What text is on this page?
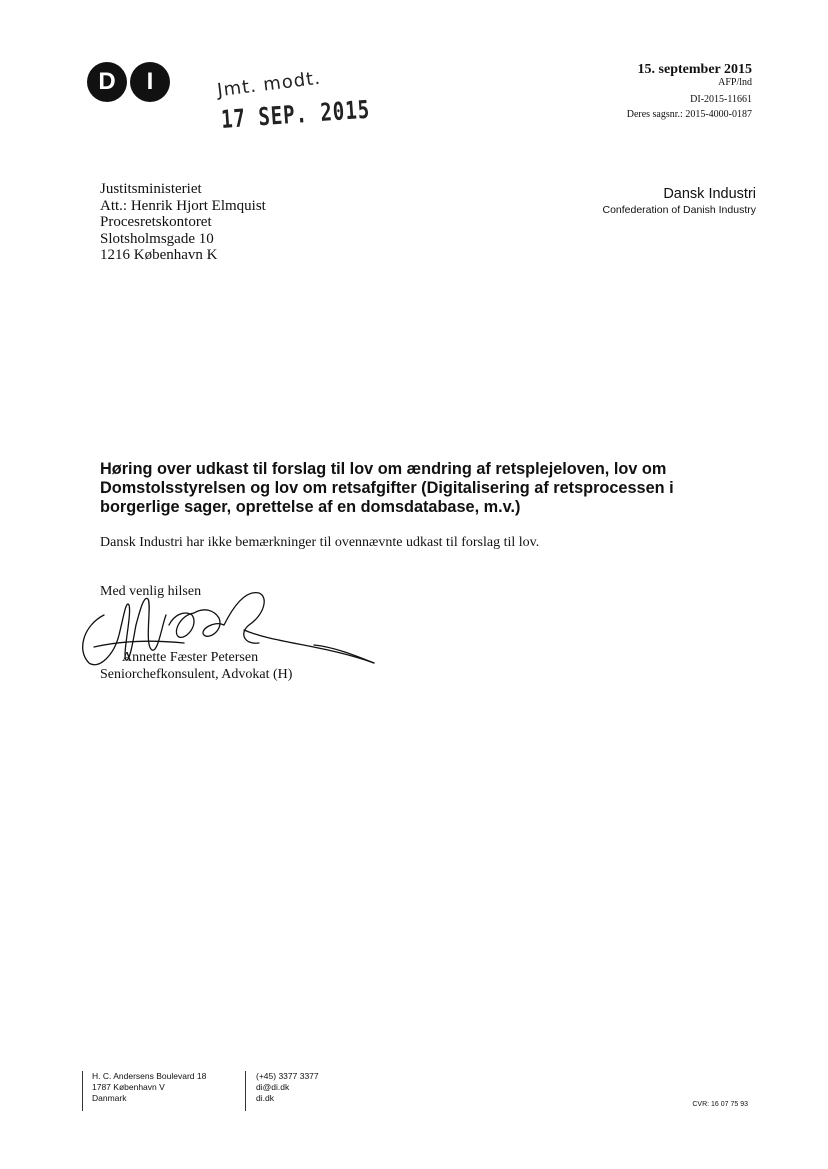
D I	Jmt. modt.
17 SEP. 2015
15. september 2015
AFP/lnd
DI-2015-11661
Deres sagsnr.: 2015-4000-0187
Justitsministeriet
Att.: Henrik Hjort Elmquist
Procesretskontoret
Slotsholmsgade 10
1216 København K
Dansk Industri
Confederation of Danish Industry
Høring over udkast til forslag til lov om ændring af retsplejeloven, lov om Domstolsstyrelsen og lov om retsafgifter (Digitalisering af retsprocessen i borgerlige sager, oprettelse af en domsdatabase, m.v.)
Dansk Industri har ikke bemærkninger til ovennævnte udkast til forslag til lov.
Med venlig hilsen
Annette Fæster Petersen
Seniorchefkonsulent, Advokat (H)
H. C. Andersens Boulevard 18
1787 København V
Danmark
(+45) 3377 3377
di@di.dk
di.dk
CVR: 16 07 75 93
